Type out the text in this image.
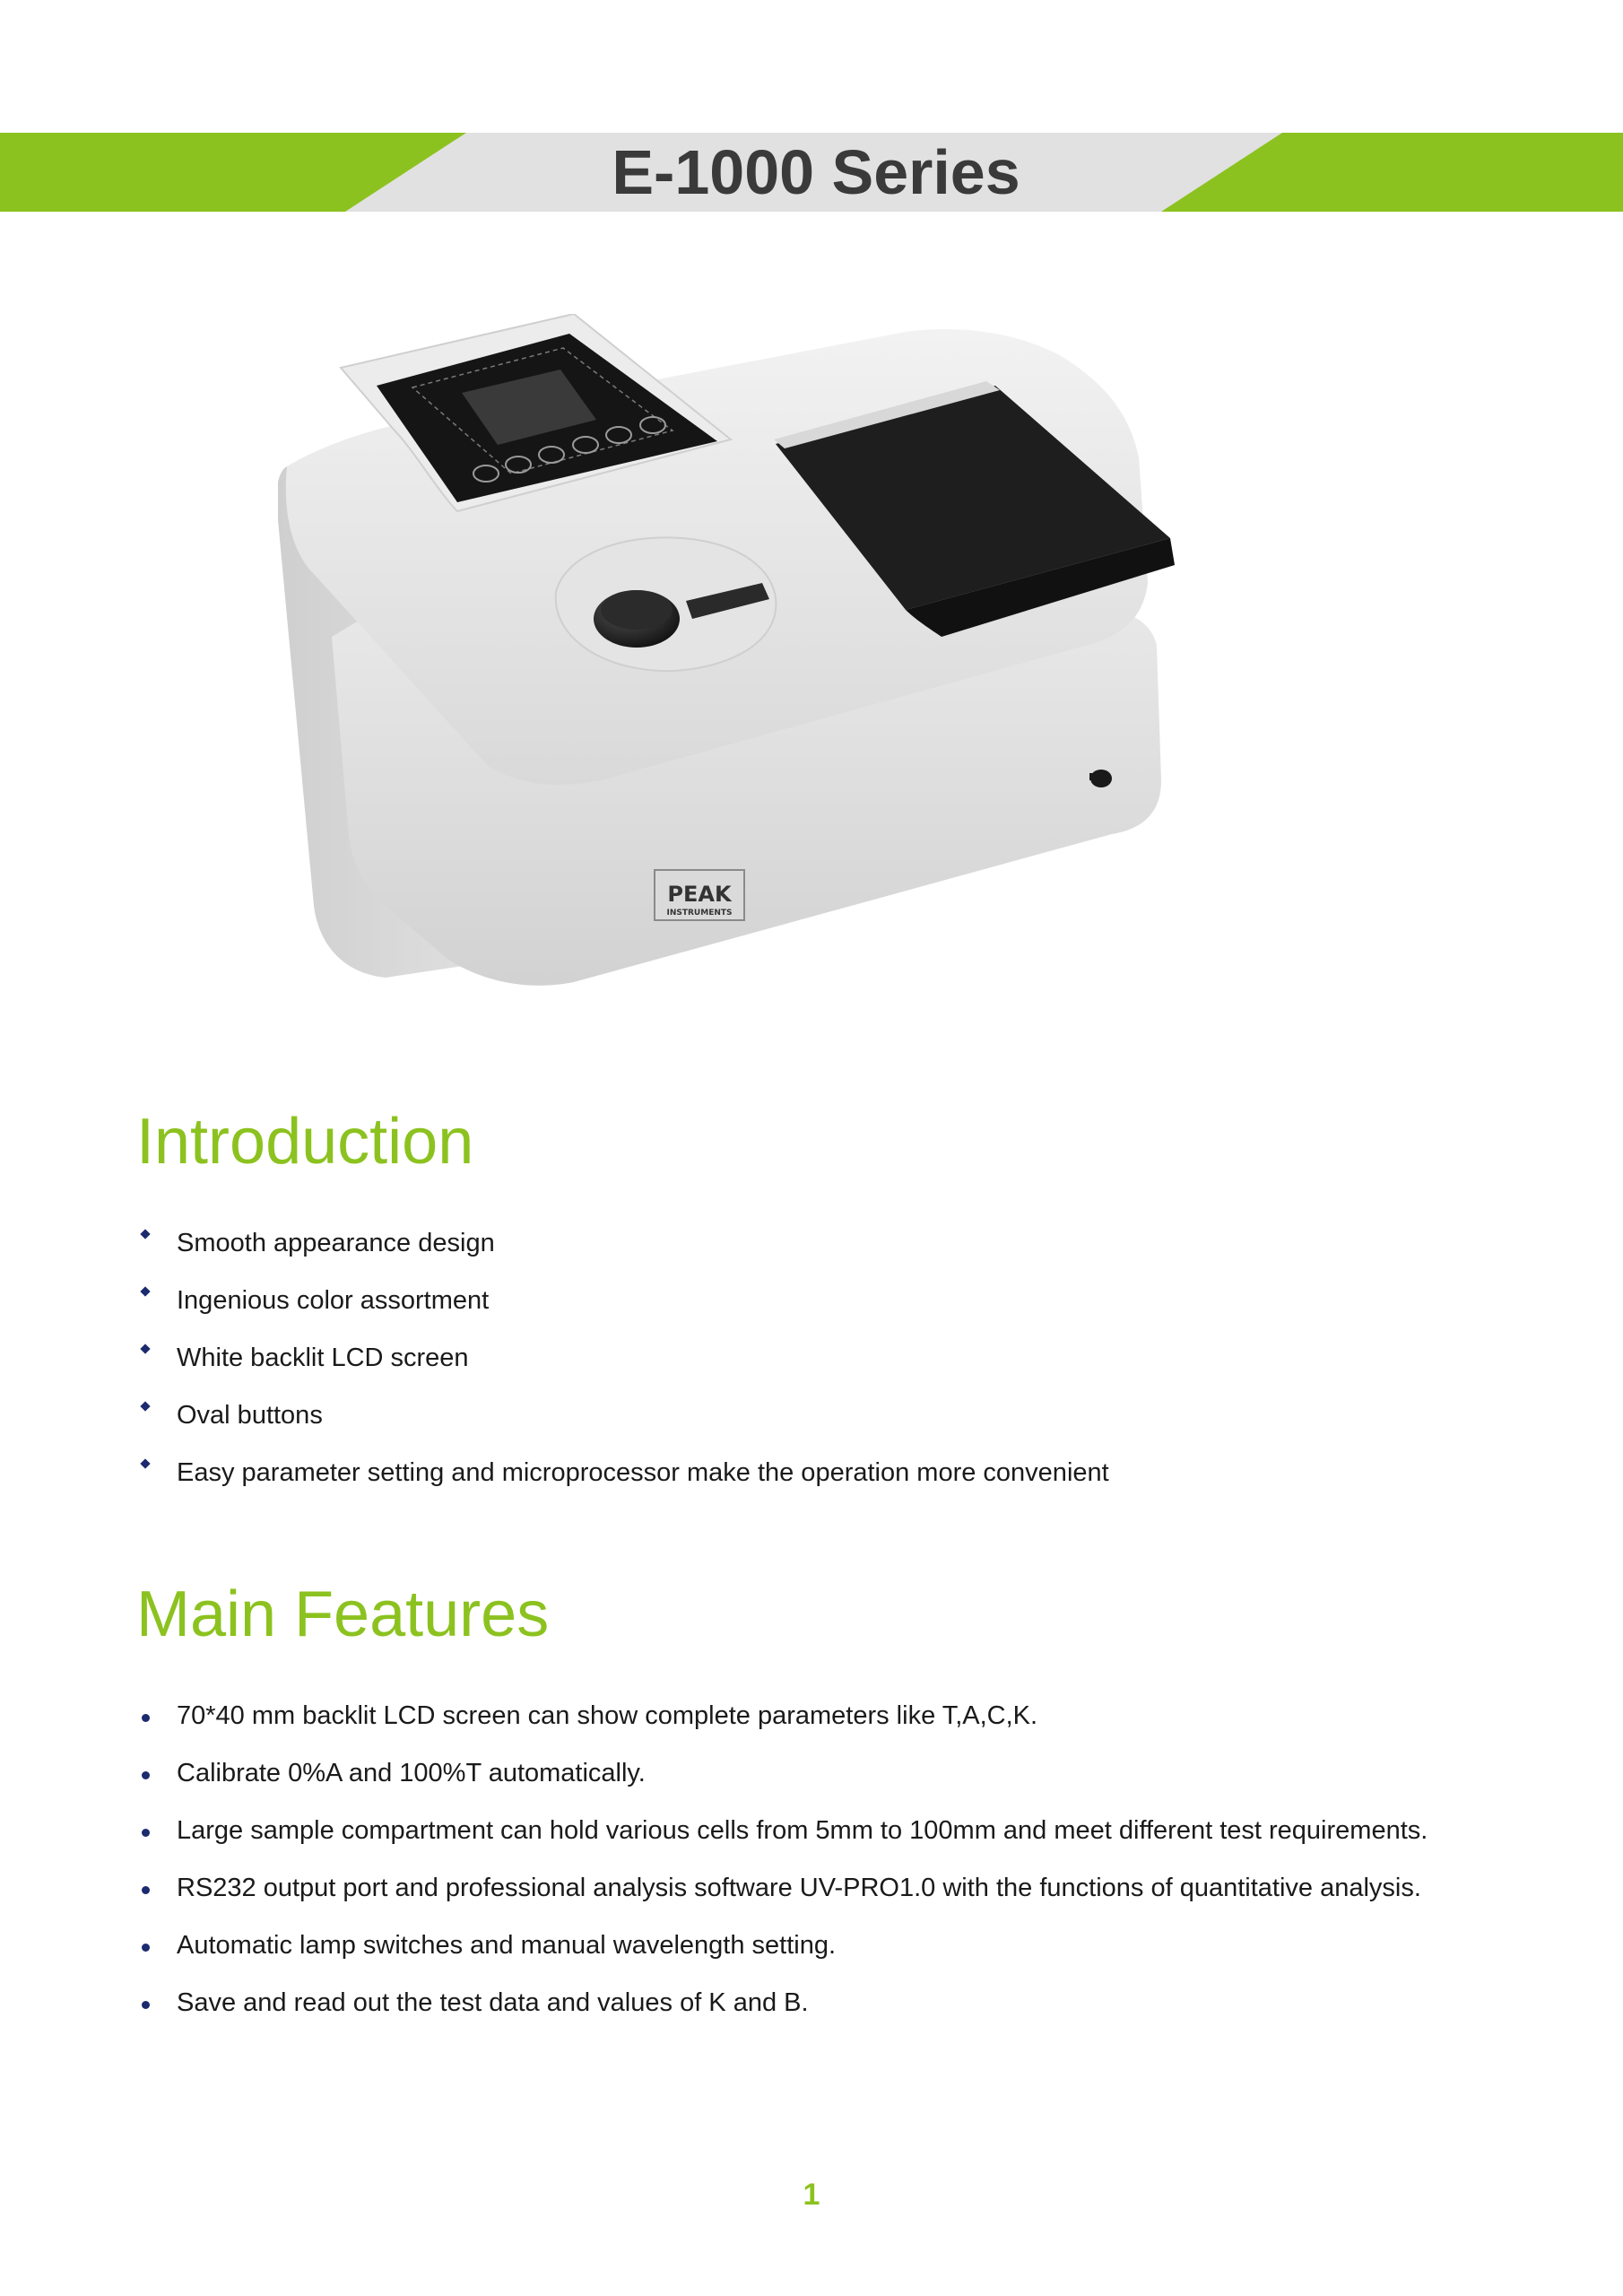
E-1000 Series
PEAK
INSTRUMENTS
Introduction
Smooth appearance design
Ingenious color assortment
White backlit LCD screen
Oval buttons
Easy parameter setting and microprocessor make the operation more convenient
Main Features
70*40 mm backlit LCD screen can show complete parameters like T,A,C,K.
Calibrate 0%A and 100%T automatically.
Large sample compartment can hold various cells from 5mm to 100mm and meet different test requirements.
RS232 output port and professional analysis software UV-PRO1.0 with the functions of quantitative analysis.
Automatic lamp switches and manual wavelength setting.
Save and read out the test data and values of K and B.
1
